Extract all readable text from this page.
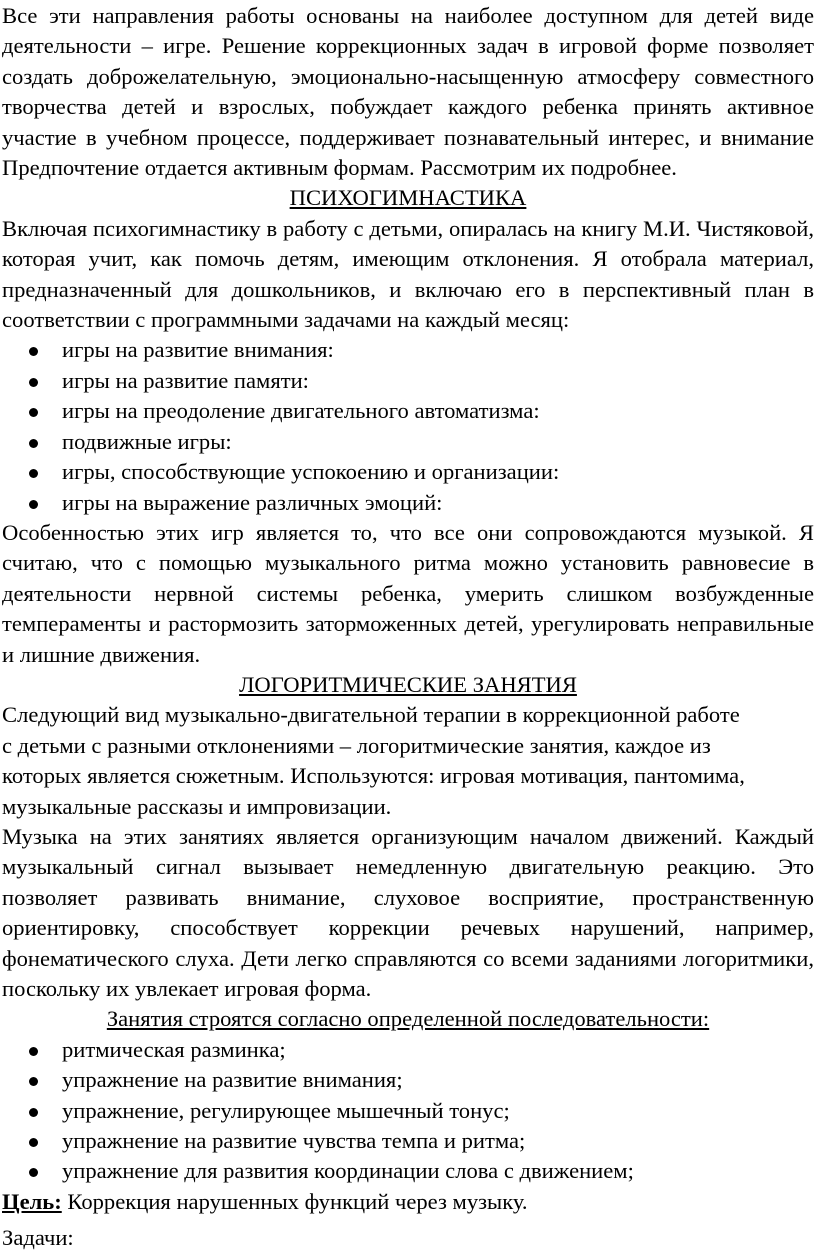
Все эти направления работы основаны на наиболее доступном для детей виде деятельности – игре. Решение коррекционных задач в игровой форме позволяет создать доброжелательную, эмоционально-насыщенную атмосферу совместного творчества детей и взрослых, побуждает каждого ребенка принять активное участие в учебном процессе, поддерживает познавательный интерес, и внимание Предпочтение отдается активным формам. Рассмотрим их подробнее.

ПСИХОГИМНАСТИКА

Включая психогимнастику в работу с детьми, опиралась на книгу М.И. Чистяковой, которая учит, как помочь детям, имеющим отклонения. Я отобрала материал, предназначенный для дошкольников, и включаю его в перспективный план в соответствии с программными задачами на каждый месяц:

игры на развитие внимания:
игры на развитие памяти:
игры на преодоление двигательного автоматизма:
подвижные игры:
игры, способствующие успокоению и организации:
игры на выражение различных эмоций:

Особенностью этих игр является то, что все они сопровождаются музыкой. Я считаю, что с помощью музыкального ритма можно установить равновесие в деятельности нервной системы ребенка, умерить слишком возбужденные темпераменты и растормозить заторможенных детей, урегулировать неправильные и лишние движения.

ЛОГОРИТМИЧЕСКИЕ ЗАНЯТИЯ

Следующий вид музыкально-двигательной терапии в коррекционной работе
с детьми с разными отклонениями – логоритмические занятия, каждое из
которых является сюжетным. Используются: игровая мотивация, пантомима,
музыкальные рассказы и импровизации.

Музыка на этих занятиях является организующим началом движений. Каждый музыкальный сигнал вызывает немедленную двигательную реакцию. Это позволяет развивать внимание, слуховое восприятие, пространственную ориентировку, способствует коррекции речевых нарушений, например, фонематического слуха. Дети легко справляются со всеми заданиями логоритмики, поскольку их увлекает игровая форма.

Занятия строятся согласно определенной последовательности:

ритмическая разминка;
упражнение на развитие внимания;
упражнение, регулирующее мышечный тонус;
упражнение на развитие чувства темпа и ритма;
упражнение для развития координации слова с движением;

Цель: Коррекция нарушенных функций через музыку.

Задачи:
